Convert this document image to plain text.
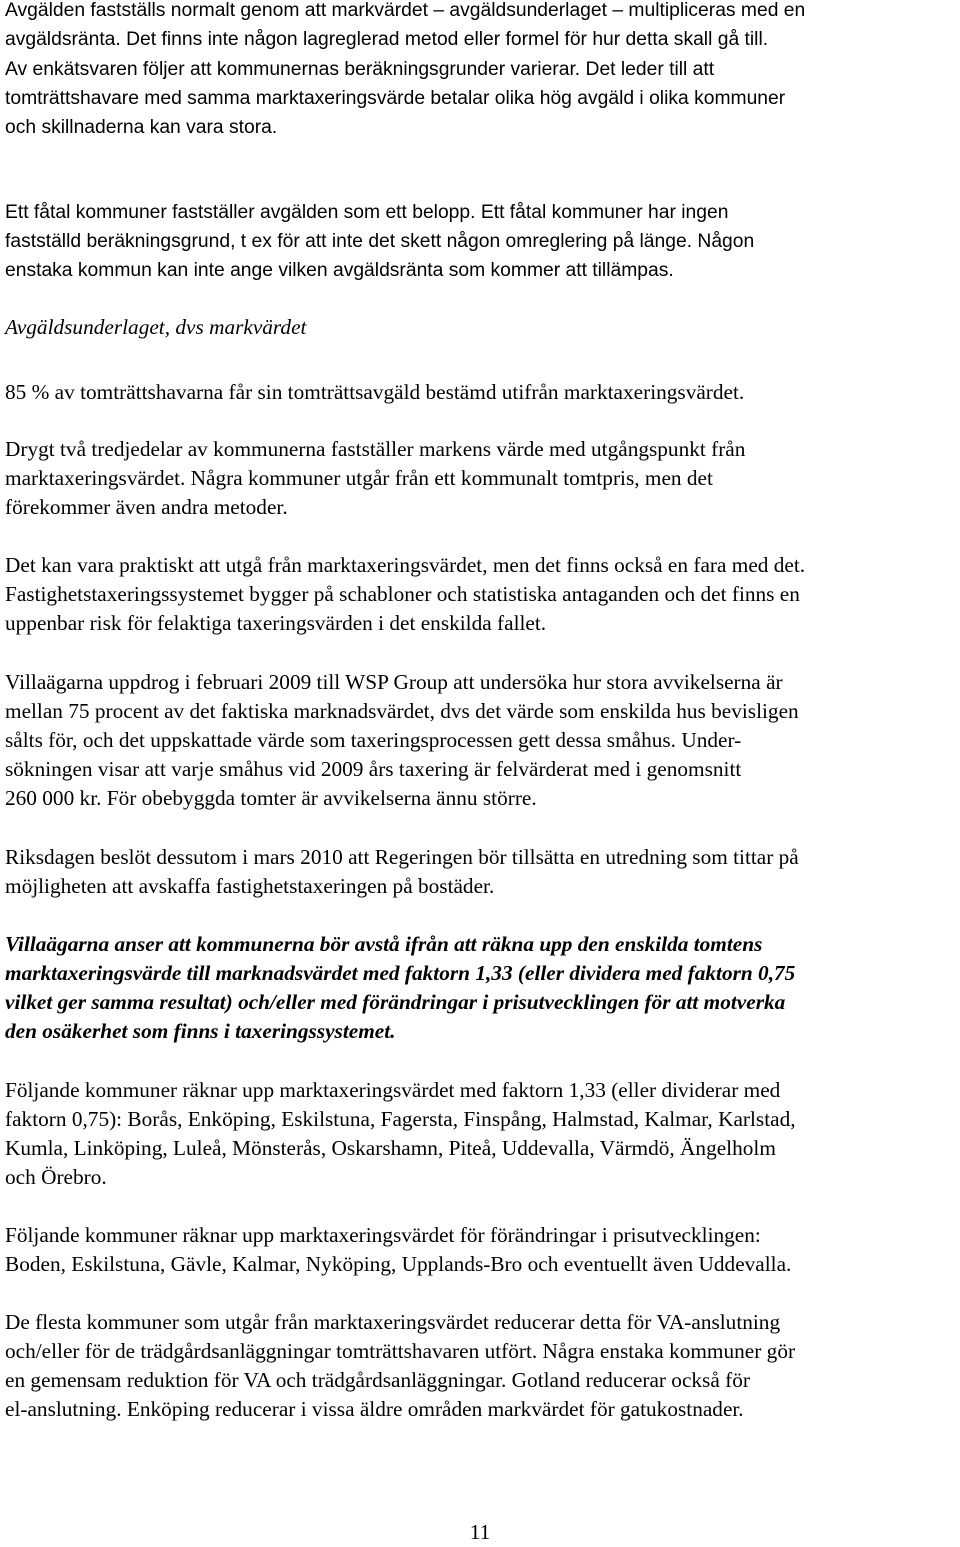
Avgälden fastställs normalt genom att markvärdet – avgäldsunderlaget – multipliceras med en
avgäldsränta. Det finns inte någon lagreglerad metod eller formel för hur detta skall gå till.

Av enkätsvaren följer att kommunernas beräkningsgrunder varierar. Det leder till att
tomträttshavare med samma marktaxeringsvärde betalar olika hög avgäld i olika kommuner
och skillnaderna kan vara stora.

Ett fåtal kommuner fastställer avgälden som ett belopp. Ett fåtal kommuner har ingen
fastställd beräkningsgrund, t ex för att inte det skett någon omreglering på länge. Någon
enstaka kommun kan inte ange vilken avgäldsränta som kommer att tillämpas.

Avgäldsunderlaget, dvs markvärdet

85 % av tomträttshavarna får sin tomträttsavgäld bestämd utifrån marktaxeringsvärdet.

Drygt två tredjedelar av kommunerna fastställer markens värde med utgångspunkt från
marktaxeringsvärdet. Några kommuner utgår från ett kommunalt tomtpris, men det
förekommer även andra metoder.

Det kan vara praktiskt att utgå från marktaxeringsvärdet, men det finns också en fara med det.
Fastighetstaxeringssystemet bygger på schabloner och statistiska antaganden och det finns en
uppenbar risk för felaktiga taxeringsvärden i det enskilda fallet.

Villaägarna uppdrog i februari 2009 till WSP Group att undersöka hur stora avvikelserna är
mellan 75 procent av det faktiska marknadsvärdet, dvs det värde som enskilda hus bevisligen
sålts för, och det uppskattade värde som taxeringsprocessen gett dessa småhus. Under-
sökningen visar att varje småhus vid 2009 års taxering är felvärderat med i genomsnitt
260 000 kr. För obebyggda tomter är avvikelserna ännu större.

Riksdagen beslöt dessutom i mars 2010 att Regeringen bör tillsätta en utredning som tittar på
möjligheten att avskaffa fastighetstaxeringen på bostäder.

Villaägarna anser att kommunerna bör avstå ifrån att räkna upp den enskilda tomtens
marktaxeringsvärde till marknadsvärdet med faktorn 1,33 (eller dividera med faktorn 0,75
vilket ger samma resultat) och/eller med förändringar i prisutvecklingen för att motverka
den osäkerhet som finns i taxeringssystemet.

Följande kommuner räknar upp marktaxeringsvärdet med faktorn 1,33 (eller dividerar med
faktorn 0,75): Borås, Enköping, Eskilstuna, Fagersta, Finspång, Halmstad, Kalmar, Karlstad,
Kumla, Linköping, Luleå, Mönsterås, Oskarshamn, Piteå, Uddevalla, Värmdö, Ängelholm
och Örebro.

Följande kommuner räknar upp marktaxeringsvärdet för förändringar i prisutvecklingen:
Boden, Eskilstuna, Gävle, Kalmar, Nyköping, Upplands-Bro och eventuellt även Uddevalla.

De flesta kommuner som utgår från marktaxeringsvärdet reducerar detta för VA-anslutning
och/eller för de trädgårdsanläggningar tomträttshavaren utfört. Några enstaka kommuner gör
en gemensam reduktion för VA och trädgårdsanläggningar. Gotland reducerar också för
el-anslutning. Enköping reducerar i vissa äldre områden markvärdet för gatukostnader.

11
